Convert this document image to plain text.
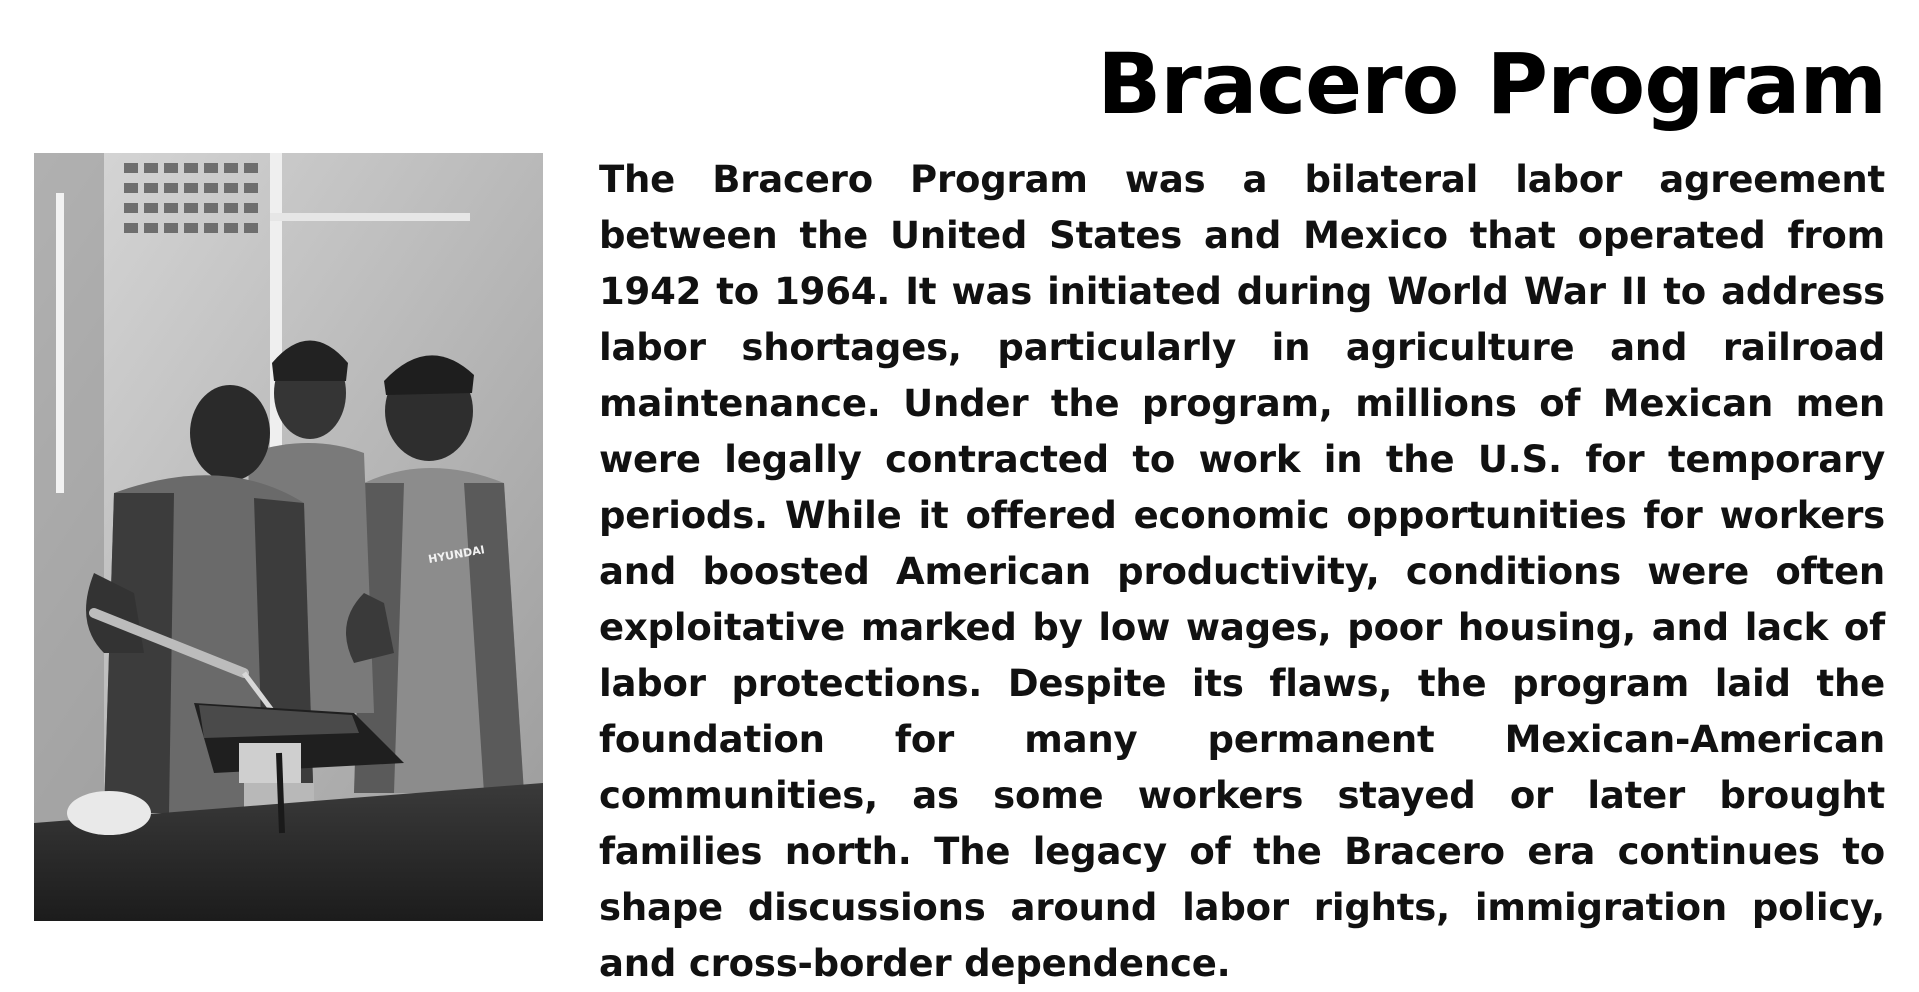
Bracero Program
HYUNDAI

The Bracero Program was a bilateral labor agreement between the United States and Mexico that operated from 1942 to 1964. It was initiated during World War II to address labor shortages, particularly in agriculture and railroad maintenance. Under the program, millions of Mexican men were legally contracted to work in the U.S. for temporary periods. While it offered economic opportunities for workers and boosted American productivity, conditions were often exploitative marked by low wages, poor housing, and lack of labor protections. Despite its flaws, the program laid the foundation for many permanent Mexican-American communities, as some workers stayed or later brought families north. The legacy of the Bracero era continues to shape discussions around labor rights, immigration policy, and cross-border dependence.
